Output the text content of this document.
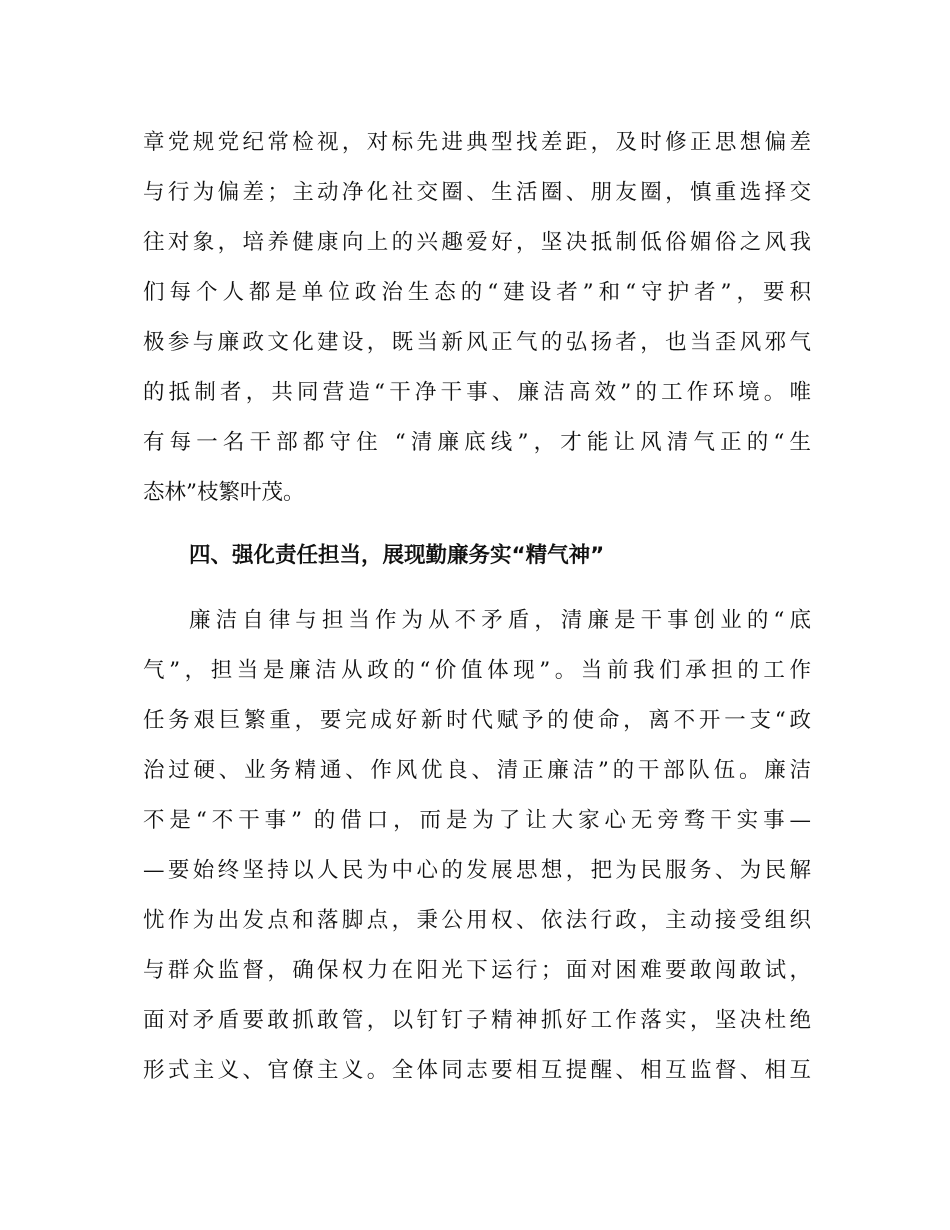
章党规党纪常检视，对标先进典型找差距，及时修正思想偏差
与行为偏差；主动净化社交圈、生活圈、朋友圈，慎重选择交
往对象，培养健康向上的兴趣爱好，坚决抵制低俗媚俗之风我
们每个人都是单位政治生态的“建设者”和“守护者”，要积
极参与廉政文化建设，既当新风正气的弘扬者，也当歪风邪气
的抵制者，共同营造“干净干事、廉洁高效”的工作环境。唯
有每一名干部都守住 “清廉底线”，才能让风清气正的“生
态林”枝繁叶茂。
四、强化责任担当，展现勤廉务实“精气神”
廉洁自律与担当作为从不矛盾，清廉是干事创业的“底
气”，担当是廉洁从政的“价值体现”。当前我们承担的工作
任务艰巨繁重，要完成好新时代赋予的使命，离不开一支“政
治过硬、业务精通、作风优良、清正廉洁”的干部队伍。廉洁
不是“不干事” 的借口，而是为了让大家心无旁骛干实事—
—要始终坚持以人民为中心的发展思想，把为民服务、为民解
忧作为出发点和落脚点，秉公用权、依法行政，主动接受组织
与群众监督，确保权力在阳光下运行；面对困难要敢闯敢试，
面对矛盾要敢抓敢管，以钉钉子精神抓好工作落实，坚决杜绝
形式主义、官僚主义。全体同志要相互提醒、相互监督、相互
